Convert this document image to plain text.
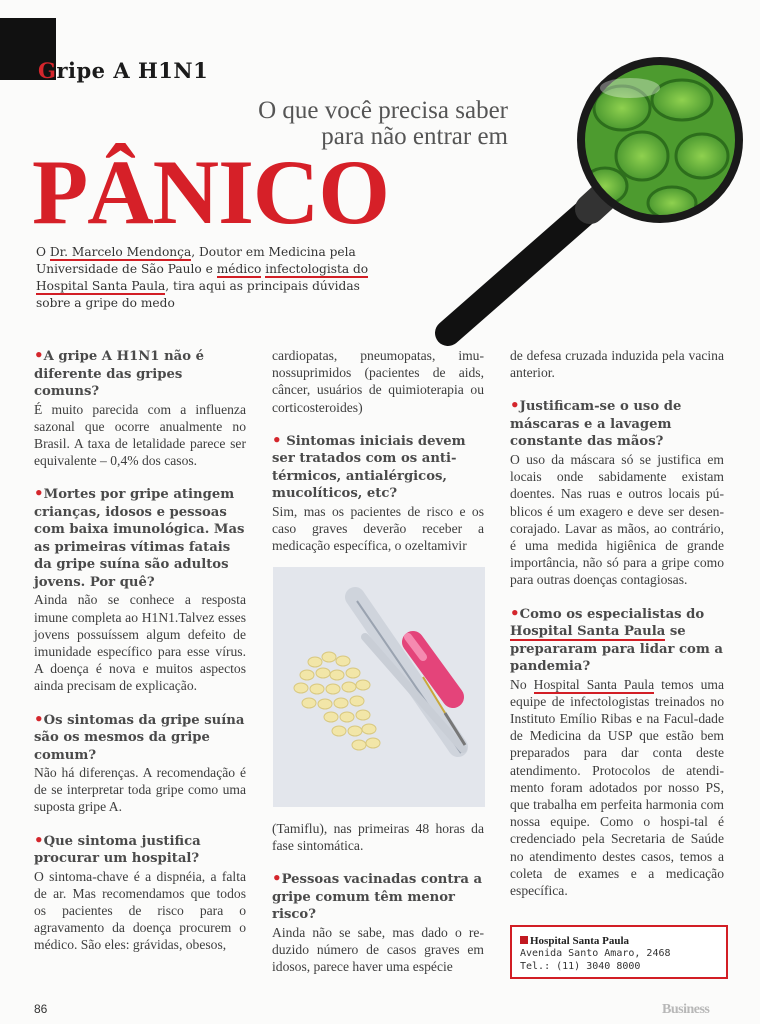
Gripe A H1N1
O que você precisa saber
para não entrar em
PÂNICO
O Dr. Marcelo Mendonça, Doutor em Medicina pela Universidade de São Paulo e médico infectologista do Hospital Santa Paula, tira aqui as principais dúvidas sobre a gripe do medo

•A gripe A H1N1 não é diferente das gripes comuns?

É muito parecida com a influenza sazonal que ocorre anualmente no Brasil. A taxa de letalidade parece ser equivalente – 0,4% dos casos.

•Mortes por gripe atingem crianças, idosos e pessoas com baixa imunológica. Mas as primeiras vítimas fatais da gripe suína são adultos jovens. Por quê?

Ainda não se conhece a resposta imune completa ao H1N1.Talvez esses jovens possuíssem algum defeito de imunidade específico para esse vírus. A doença é nova e muitos aspectos ainda precisam de explicação.

•Os sintomas da gripe suína são os mesmos da gripe comum?

Não há diferenças. A recomendação é de se interpretar toda gripe como uma suposta gripe A.

•Que sintoma justifica procurar um hospital?

O sintoma-chave é a dispnéia, a falta de ar. Mas recomendamos que todos os pacientes de risco para o agravamento da doença procurem o médico. São eles: grávidas, obesos,

cardiopatas, pneumopatas, imu-nossuprimidos (pacientes de aids, câncer, usuários de quimioterapia ou corticosteroides)

• Sintomas iniciais devem ser tratados com os anti-térmicos, antialérgicos, mucolíticos, etc?

Sim, mas os pacientes de risco e os caso graves deverão receber a medicação específica, o ozeltamivir

(Tamiflu), nas primeiras 48 horas da fase sintomática.

•Pessoas vacinadas contra a gripe comum têm menor risco?

Ainda não se sabe, mas dado o re-duzido número de casos graves em idosos, parece haver uma espécie

de defesa cruzada induzida pela vacina anterior.

•Justificam-se o uso de máscaras e a lavagem constante das mãos?

O uso da máscara só se justifica em locais onde sabidamente existam doentes. Nas ruas e outros locais pú-blicos é um exagero e deve ser desen-corajado. Lavar as mãos, ao contrário, é uma medida higiênica de grande importância, não só para a gripe como para outras doenças contagiosas.

•Como os especialistas do Hospital Santa Paula se prepararam para lidar com a pandemia?

No Hospital Santa Paula temos uma equipe de infectologistas treinados no Instituto Emílio Ribas e na Facul-dade de Medicina da USP que estão bem preparados para dar conta deste atendimento. Protocolos de atendi-mento foram adotados por nosso PS, que trabalha em perfeita harmonia com nossa equipe. Como o hospi-tal é credenciado pela Secretaria de Saúde no atendimento destes casos, temos a coleta de exames e a medicação específica.

Hospital Santa Paula
Avenida Santo Amaro, 2468
Tel.: (11) 3040 8000
86	Business
